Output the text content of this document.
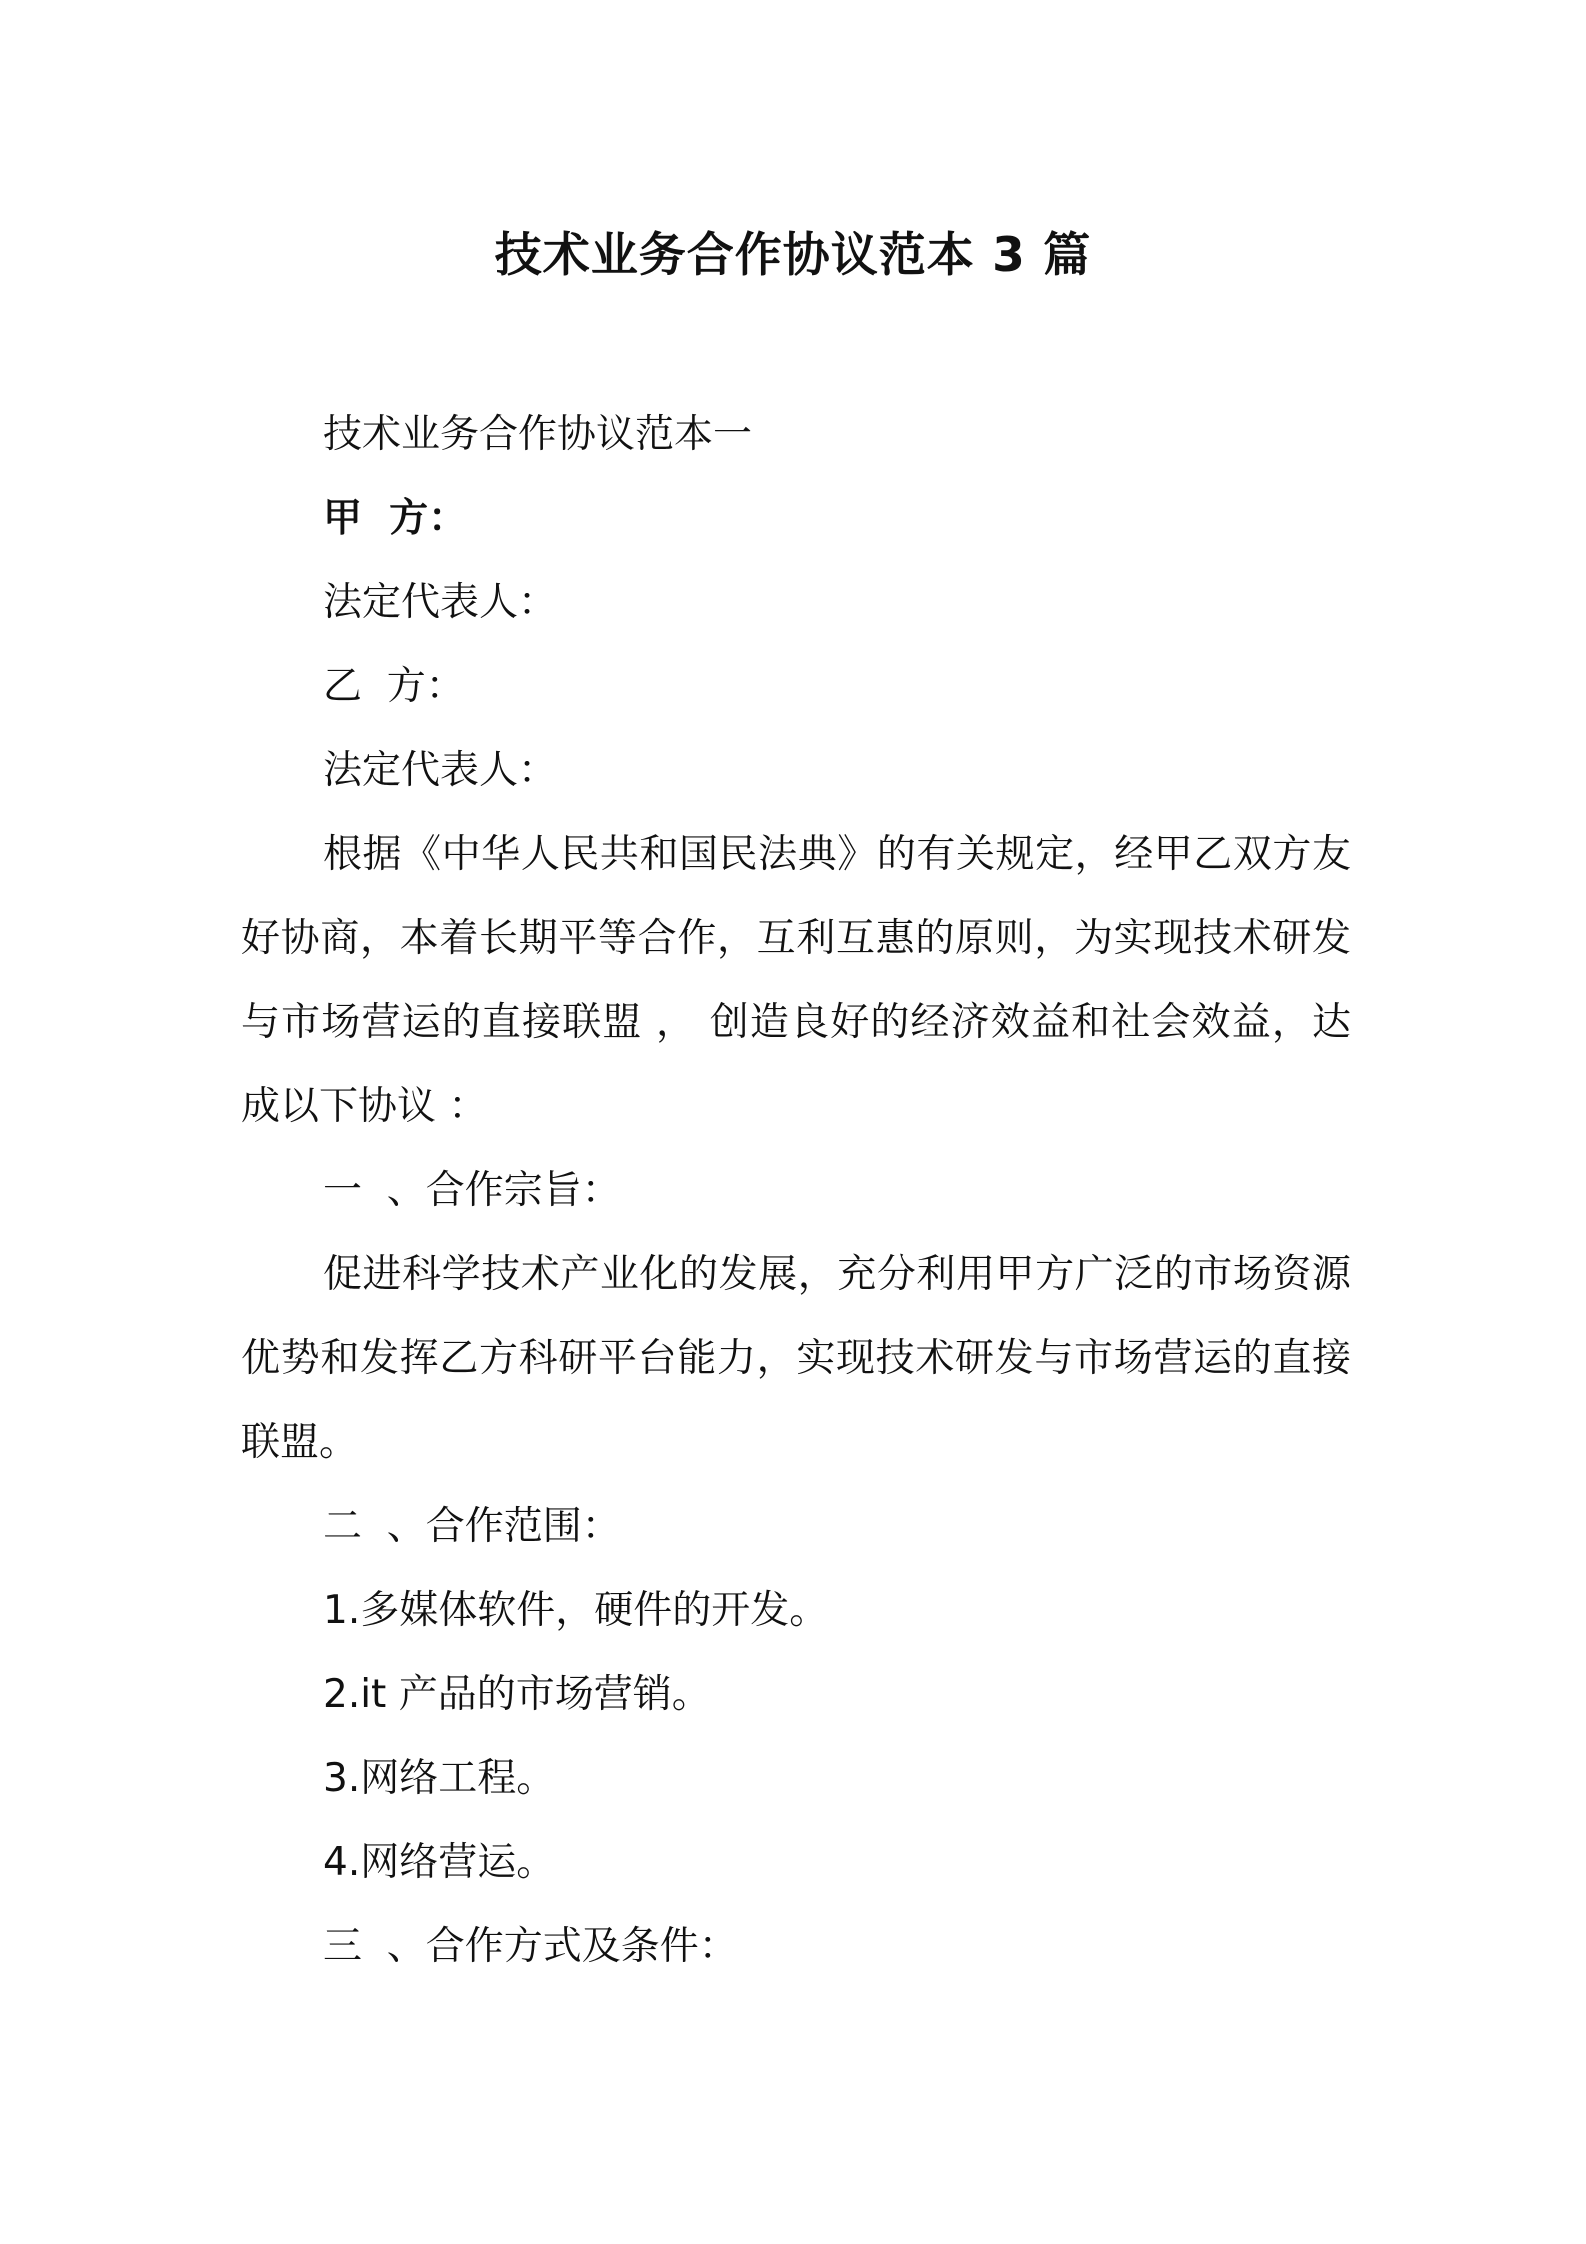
技术业务合作协议范本 3 篇
技术业务合作协议范本一
甲  方：
法定代表人：
乙  方：
法定代表人：
根据《中华人民共和国民法典》的有关规定，经甲乙双方友
好协商，本着长期平等合作，互利互惠的原则，为实现技术研发
与市场营运的直接联盟 ， 创造良好的经济效益和社会效益，达
成以下协议 ：
一  、合作宗旨：
促进科学技术产业化的发展，充分利用甲方广泛的市场资源
优势和发挥乙方科研平台能力，实现技术研发与市场营运的直接
联盟。
二  、合作范围：
1.多媒体软件，硬件的开发。
2.it 产品的市场营销。
3.网络工程。
4.网络营运。
三  、合作方式及条件：
